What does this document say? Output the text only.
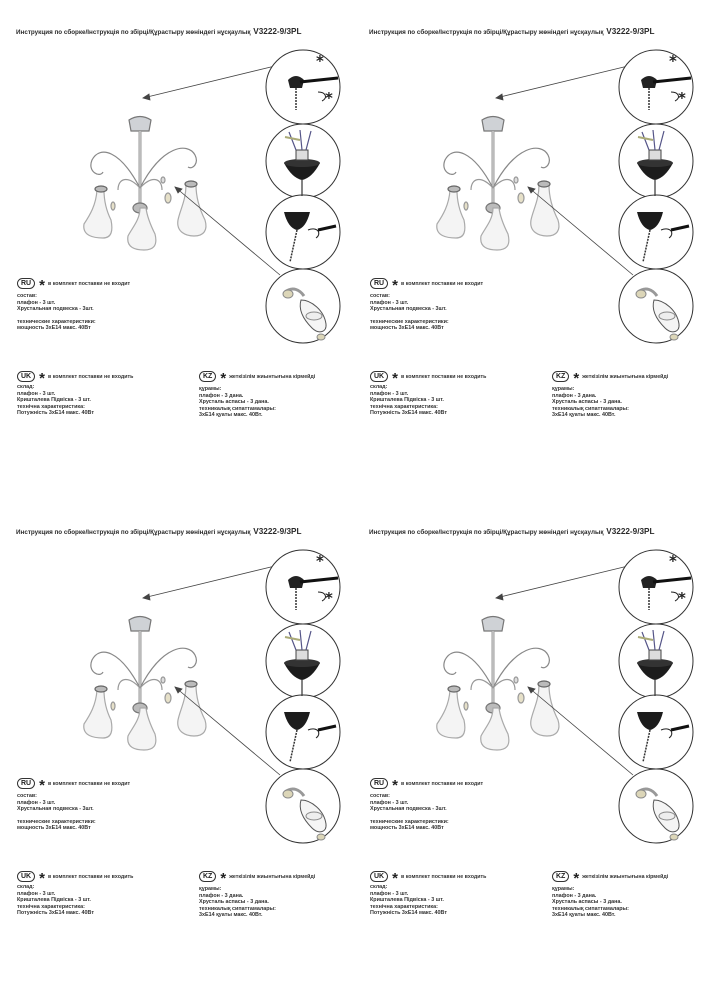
Инструкция по сборке/Інструкція по збірці/Құрастыру жөніндегі нұсқаулық V3222-9/3PL
*
*
RU * в комплект поставки не входит
состав:
плафон - 3 шт.
Хрустальная подвеска - 3шт.
технические характеристики:
мощность 3хЕ14 макс. 40Вт
UK * в комплект поставки не входить
склад:
плафон - 3 шт.
Кришталева Підвіска - 3 шт.
технічна характеристика:
Потужність 3хЕ14 макс. 40Вт
KZ * жеткізілім жиынтығына кірмейді
құрамы:
плафон - 3 дана.
Хрусталь аспасы - 3 дана.
техникалық сипаттамалары:
3хЕ14 қуаты макс. 40Вт.
Инструкция по сборке/Інструкція по збірці/Құрастыру жөніндегі нұсқаулық V3222-9/3PL
*
*
RU * в комплект поставки не входит
состав:
плафон - 3 шт.
Хрустальная подвеска - 3шт.
технические характеристики:
мощность 3хЕ14 макс. 40Вт
UK * в комплект поставки не входить
склад:
плафон - 3 шт.
Кришталева Підвіска - 3 шт.
технічна характеристика:
Потужність 3хЕ14 макс. 40Вт
KZ * жеткізілім жиынтығына кірмейді
құрамы:
плафон - 3 дана.
Хрусталь аспасы - 3 дана.
техникалық сипаттамалары:
3хЕ14 қуаты макс. 40Вт.
Инструкция по сборке/Інструкція по збірці/Құрастыру жөніндегі нұсқаулық V3222-9/3PL
*
*
RU * в комплект поставки не входит
состав:
плафон - 3 шт.
Хрустальная подвеска - 3шт.
технические характеристики:
мощность 3хЕ14 макс. 40Вт
UK * в комплект поставки не входить
склад:
плафон - 3 шт.
Кришталева Підвіска - 3 шт.
технічна характеристика:
Потужність 3хЕ14 макс. 40Вт
KZ * жеткізілім жиынтығына кірмейді
құрамы:
плафон - 3 дана.
Хрусталь аспасы - 3 дана.
техникалық сипаттамалары:
3хЕ14 қуаты макс. 40Вт.
Инструкция по сборке/Інструкція по збірці/Құрастыру жөніндегі нұсқаулық V3222-9/3PL
*
*
RU * в комплект поставки не входит
состав:
плафон - 3 шт.
Хрустальная подвеска - 3шт.
технические характеристики:
мощность 3хЕ14 макс. 40Вт
UK * в комплект поставки не входить
склад:
плафон - 3 шт.
Кришталева Підвіска - 3 шт.
технічна характеристика:
Потужність 3хЕ14 макс. 40Вт
KZ * жеткізілім жиынтығына кірмейді
құрамы:
плафон - 3 дана.
Хрусталь аспасы - 3 дана.
техникалық сипаттамалары:
3хЕ14 қуаты макс. 40Вт.
